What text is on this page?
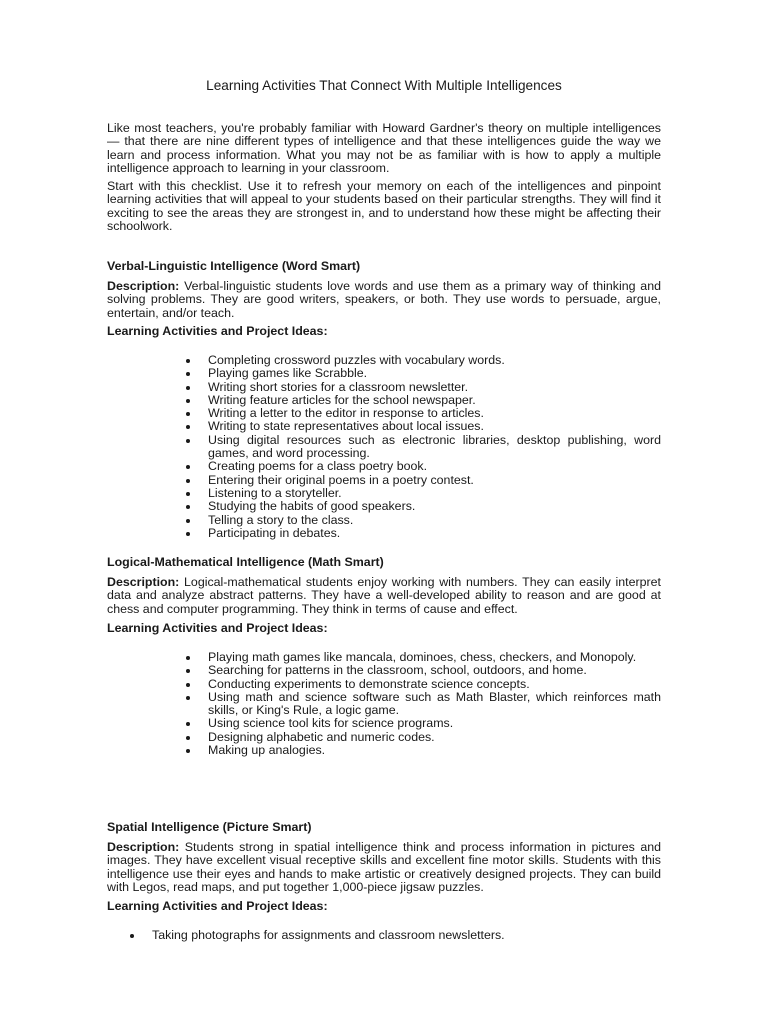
Learning Activities That Connect With Multiple Intelligences

Like most teachers, you're probably familiar with Howard Gardner's theory on multiple intelligences — that there are nine different types of intelligence and that these intelligences guide the way we learn and process information. What you may not be as familiar with is how to apply a multiple intelligence approach to learning in your classroom.

Start with this checklist. Use it to refresh your memory on each of the intelligences and pinpoint learning activities that will appeal to your students based on their particular strengths. They will find it exciting to see the areas they are strongest in, and to understand how these might be affecting their schoolwork.

Verbal-Linguistic Intelligence (Word Smart)

Description: Verbal-linguistic students love words and use them as a primary way of thinking and solving problems. They are good writers, speakers, or both. They use words to persuade, argue, entertain, and/or teach.

Learning Activities and Project Ideas:
Completing crossword puzzles with vocabulary words.
Playing games like Scrabble.
Writing short stories for a classroom newsletter.
Writing feature articles for the school newspaper.
Writing a letter to the editor in response to articles.
Writing to state representatives about local issues.
Using digital resources such as electronic libraries, desktop publishing, word games, and word processing.
Creating poems for a class poetry book.
Entering their original poems in a poetry contest.
Listening to a storyteller.
Studying the habits of good speakers.
Telling a story to the class.
Participating in debates.
Logical-Mathematical Intelligence (Math Smart)

Description: Logical-mathematical students enjoy working with numbers. They can easily interpret data and analyze abstract patterns. They have a well-developed ability to reason and are good at chess and computer programming. They think in terms of cause and effect.

Learning Activities and Project Ideas:
Playing math games like mancala, dominoes, chess, checkers, and Monopoly.
Searching for patterns in the classroom, school, outdoors, and home.
Conducting experiments to demonstrate science concepts.
Using math and science software such as Math Blaster, which reinforces math skills, or King's Rule, a logic game.
Using science tool kits for science programs.
Designing alphabetic and numeric codes.
Making up analogies.
Spatial Intelligence (Picture Smart)

Description: Students strong in spatial intelligence think and process information in pictures and images. They have excellent visual receptive skills and excellent fine motor skills. Students with this intelligence use their eyes and hands to make artistic or creatively designed projects. They can build with Legos, read maps, and put together 1,000-piece jigsaw puzzles.

Learning Activities and Project Ideas:
Taking photographs for assignments and classroom newsletters.
